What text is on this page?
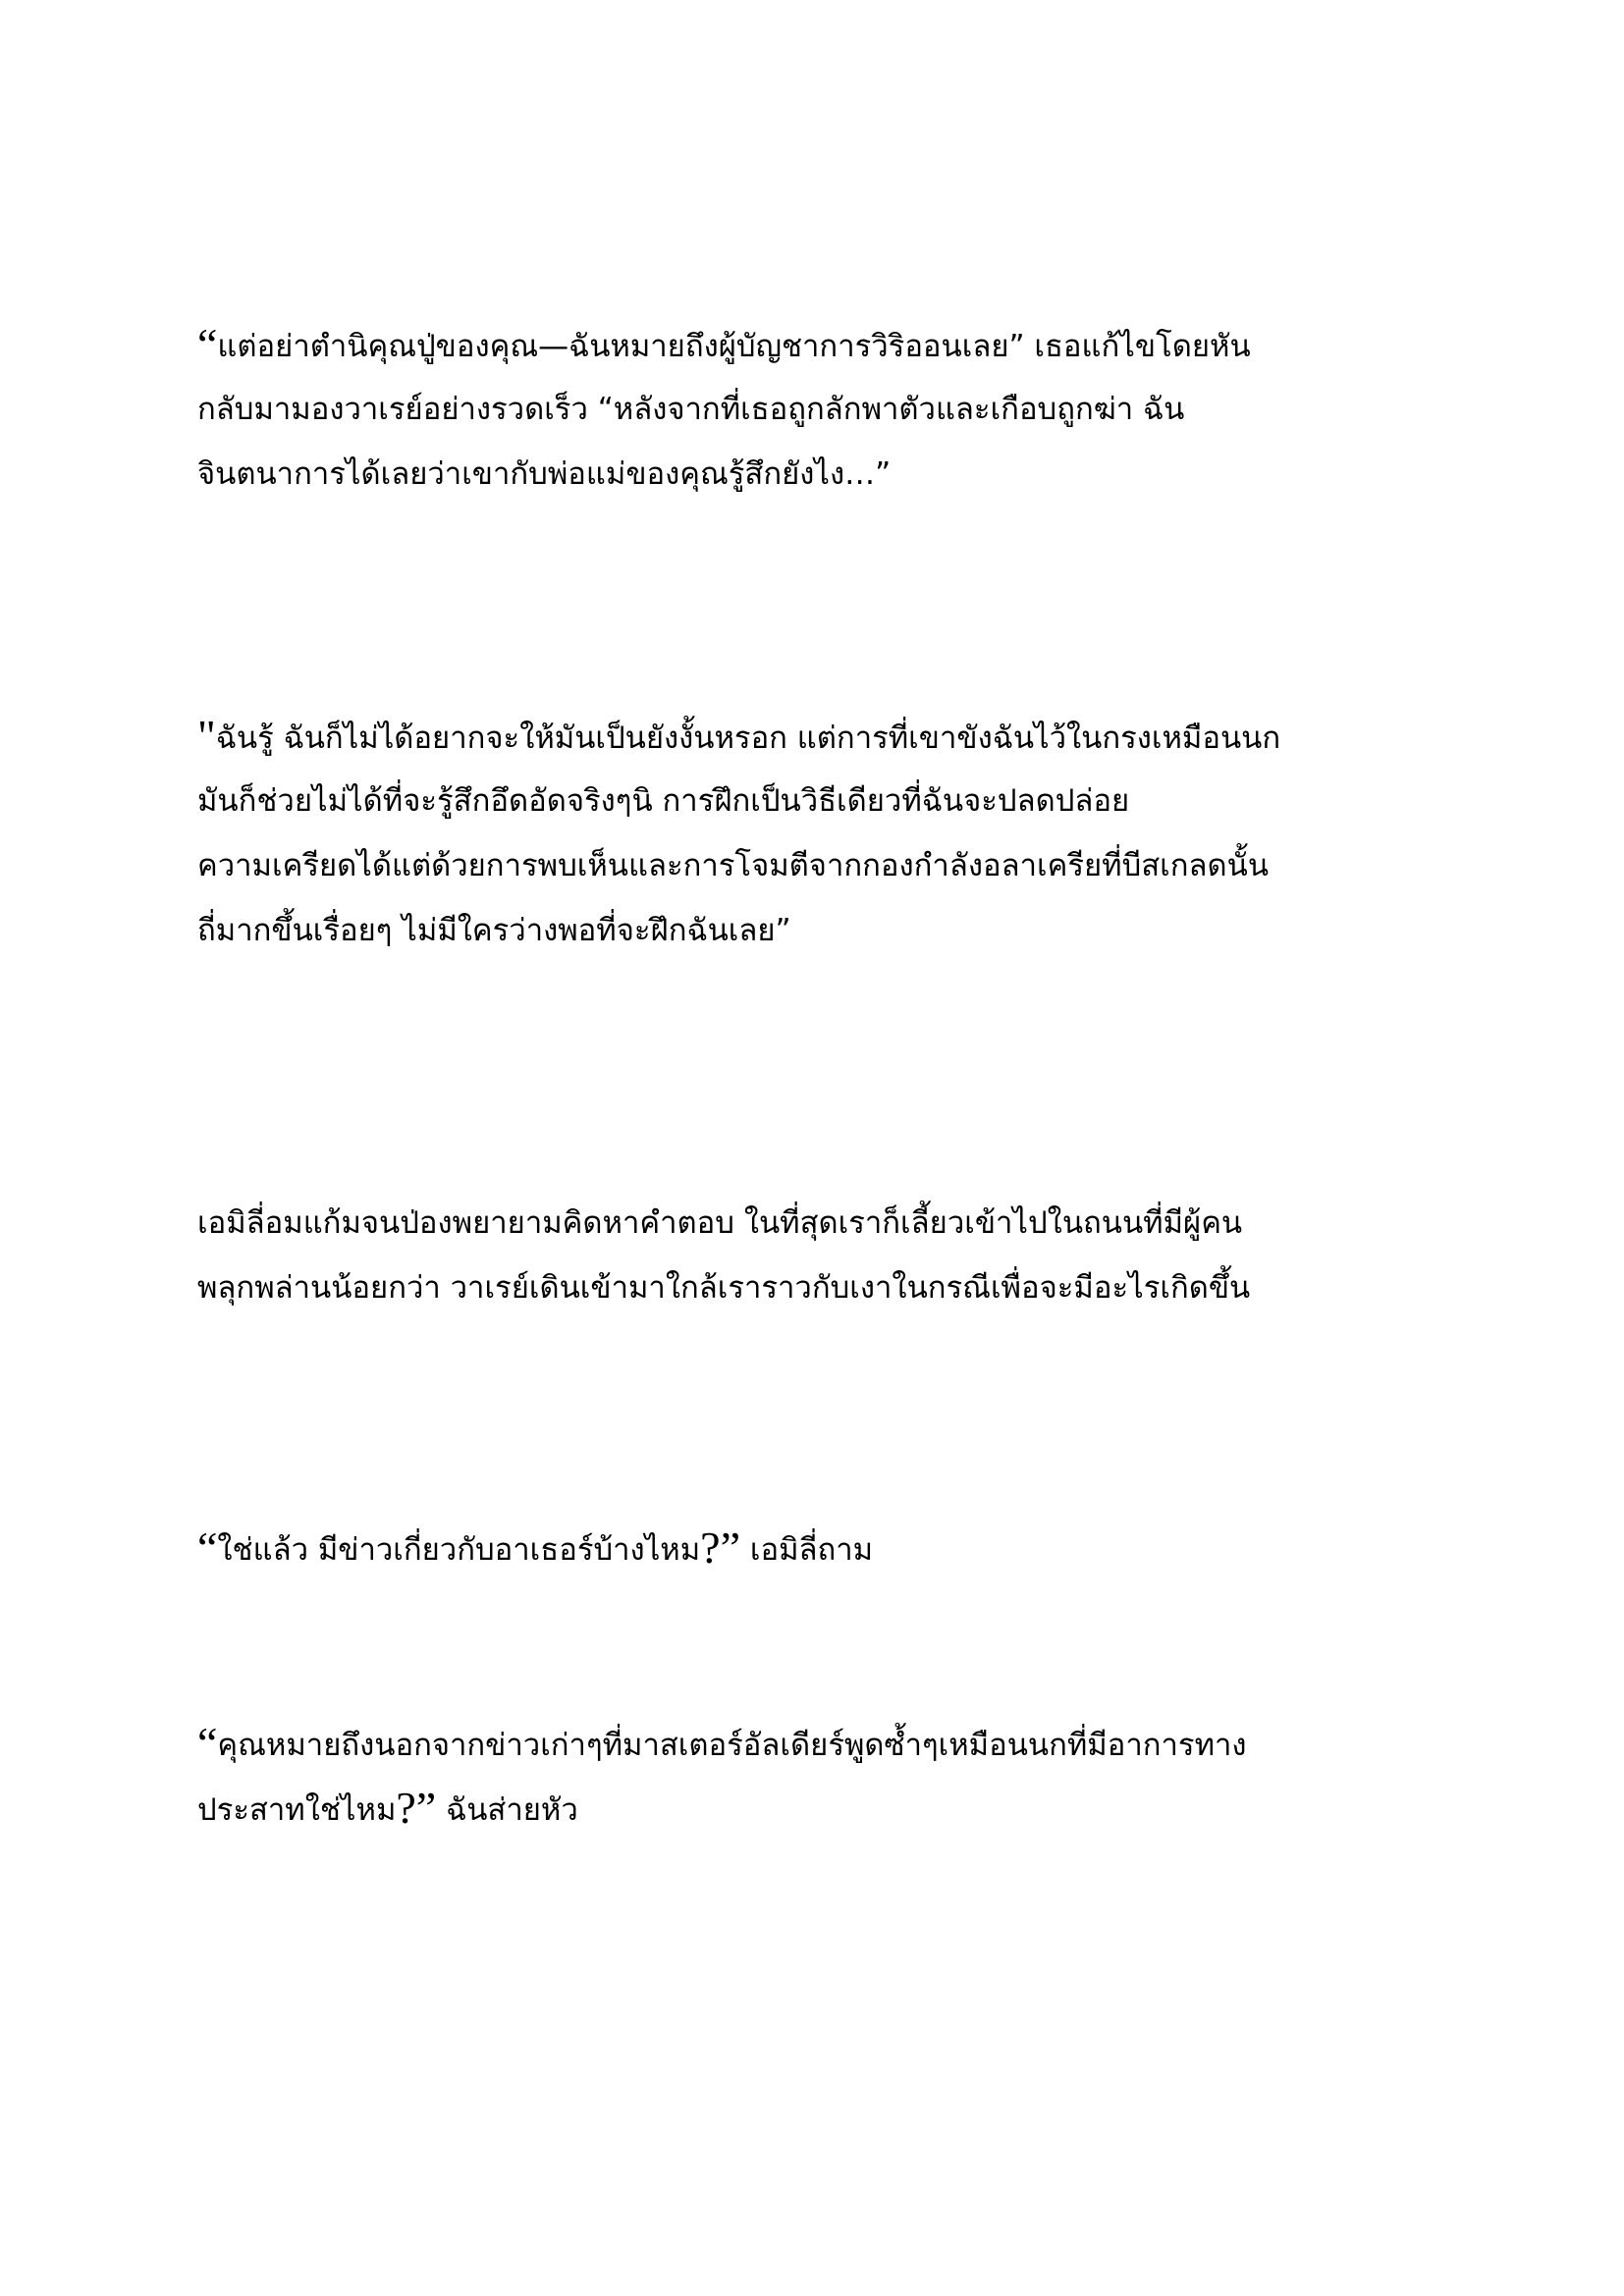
“แต่อย่าตำนิคุณปู่ของคุณ—ฉันหมายถึงผู้บัญชาการวิริออนเลย” เธอแก้ไขโดยหัน
กลับมามองวาเรย์อย่างรวดเร็ว “หลังจากที่เธอถูกลักพาตัวและเกือบถูกฆ่า ฉัน
จินตนาการได้เลยว่าเขากับพ่อแม่ของคุณรู้สึกยังไง…”
"ฉันรู้ ฉันก็ไม่ได้อยากจะให้มันเป็นยังงั้นหรอก แต่การที่เขาขังฉันไว้ในกรงเหมือนนก
มันก็ช่วยไม่ได้ที่จะรู้สึกอึดอัดจริงๆนิ การฝึกเป็นวิธีเดียวที่ฉันจะปลดปล่อย
ความเครียดได้แต่ด้วยการพบเห็นและการโจมตีจากกองกำลังอลาเครียที่บีสเกลดนั้น
ถี่มากขึ้นเรื่อยๆ ไม่มีใครว่างพอที่จะฝึกฉันเลย”
เอมิลี่อมแก้มจนป่องพยายามคิดหาคำตอบ ในที่สุดเราก็เลี้ยวเข้าไปในถนนที่มีผู้คน
พลุกพล่านน้อยกว่า วาเรย์เดินเข้ามาใกล้เราราวกับเงาในกรณีเพื่อจะมีอะไรเกิดขึ้น
“ใช่แล้ว มีข่าวเกี่ยวกับอาเธอร์บ้างไหม?” เอมิลี่ถาม
“คุณหมายถึงนอกจากข่าวเก่าๆที่มาสเตอร์อัลเดียร์พูดซ้ำๆเหมือนนกที่มีอาการทาง
ประสาทใช่ไหม?” ฉันส่ายหัว
